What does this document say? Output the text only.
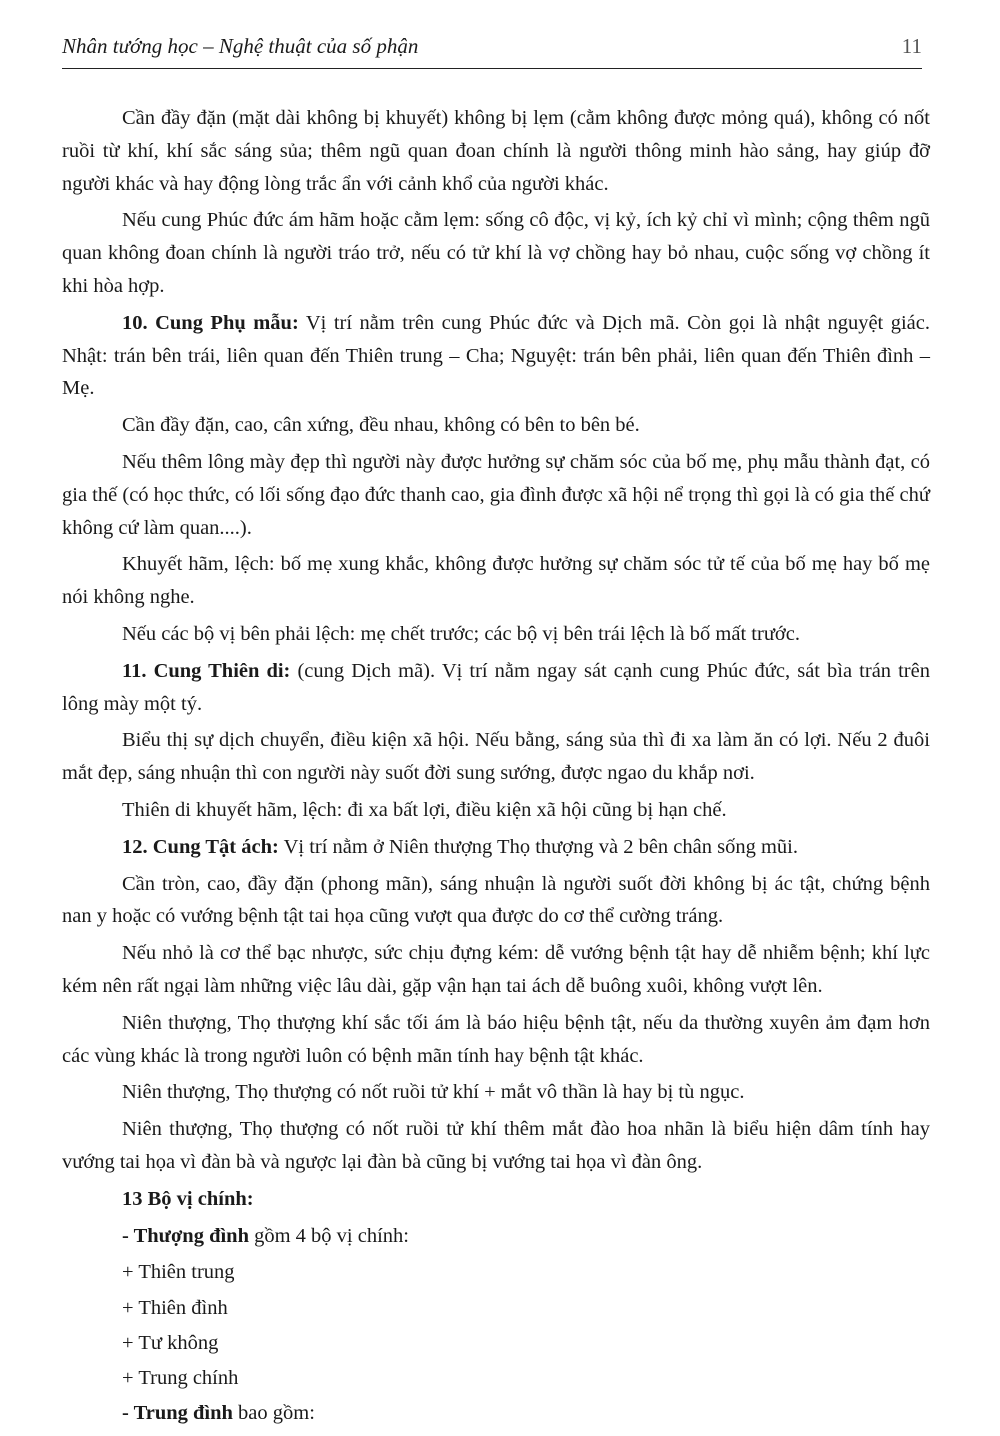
Nhân tướng học – Nghệ thuật của số phận	11

Cần đầy đặn (mặt dài không bị khuyết) không bị lẹm (cằm không được mỏng quá), không có nốt ruồi từ khí, khí sắc sáng sủa; thêm ngũ quan đoan chính là người thông minh hào sảng, hay giúp đỡ người khác và hay động lòng trắc ẩn với cảnh khổ của người khác.

Nếu cung Phúc đức ám hãm hoặc cằm lẹm: sống cô độc, vị kỷ, ích kỷ chỉ vì mình; cộng thêm ngũ quan không đoan chính là người tráo trở, nếu có tử khí là vợ chồng hay bỏ nhau, cuộc sống vợ chồng ít khi hòa hợp.

10. Cung Phụ mẫu: Vị trí nằm trên cung Phúc đức và Dịch mã. Còn gọi là nhật nguyệt giác. Nhật: trán bên trái, liên quan đến Thiên trung – Cha; Nguyệt: trán bên phải, liên quan đến Thiên đình – Mẹ.

Cần đầy đặn, cao, cân xứng, đều nhau, không có bên to bên bé.

Nếu thêm lông mày đẹp thì người này được hưởng sự chăm sóc của bố mẹ, phụ mẫu thành đạt, có gia thế (có học thức, có lối sống đạo đức thanh cao, gia đình được xã hội nể trọng thì gọi là có gia thế chứ không cứ làm quan....).

Khuyết hãm, lệch: bố mẹ xung khắc, không được hưởng sự chăm sóc tử tế của bố mẹ hay bố mẹ nói không nghe.

Nếu các bộ vị bên phải lệch: mẹ chết trước; các bộ vị bên trái lệch là bố mất trước.

11. Cung Thiên di: (cung Dịch mã). Vị trí nằm ngay sát cạnh cung Phúc đức, sát bìa trán trên lông mày một tý.

Biểu thị sự dịch chuyển, điều kiện xã hội. Nếu bằng, sáng sủa thì đi xa làm ăn có lợi. Nếu 2 đuôi mắt đẹp, sáng nhuận thì con người này suốt đời sung sướng, được ngao du khắp nơi.

Thiên di khuyết hãm, lệch: đi xa bất lợi, điều kiện xã hội cũng bị hạn chế.

12. Cung Tật ách: Vị trí nằm ở Niên thượng Thọ thượng và 2 bên chân sống mũi.

Cần tròn, cao, đầy đặn (phong mãn), sáng nhuận là người suốt đời không bị ác tật, chứng bệnh nan y hoặc có vướng bệnh tật tai họa cũng vượt qua được do cơ thể cường tráng.

Nếu nhỏ là cơ thể bạc nhược, sức chịu đựng kém: dễ vướng bệnh tật hay dễ nhiễm bệnh; khí lực kém nên rất ngại làm những việc lâu dài, gặp vận hạn tai ách dễ buông xuôi, không vượt lên.

Niên thượng, Thọ thượng khí sắc tối ám là báo hiệu bệnh tật, nếu da thường xuyên ảm đạm hơn các vùng khác là trong người luôn có bệnh mãn tính hay bệnh tật khác.

Niên thượng, Thọ thượng có nốt ruồi tử khí + mắt vô thần là hay bị tù ngục.

Niên thượng, Thọ thượng có nốt ruồi tử khí thêm mắt đào hoa nhãn là biểu hiện dâm tính hay vướng tai họa vì đàn bà và ngược lại đàn bà cũng bị vướng tai họa vì đàn ông.

13 Bộ vị chính:

- Thượng đình gồm 4 bộ vị chính:

+ Thiên trung

+ Thiên đình

+ Tư không

+ Trung chính

- Trung đình bao gồm:
